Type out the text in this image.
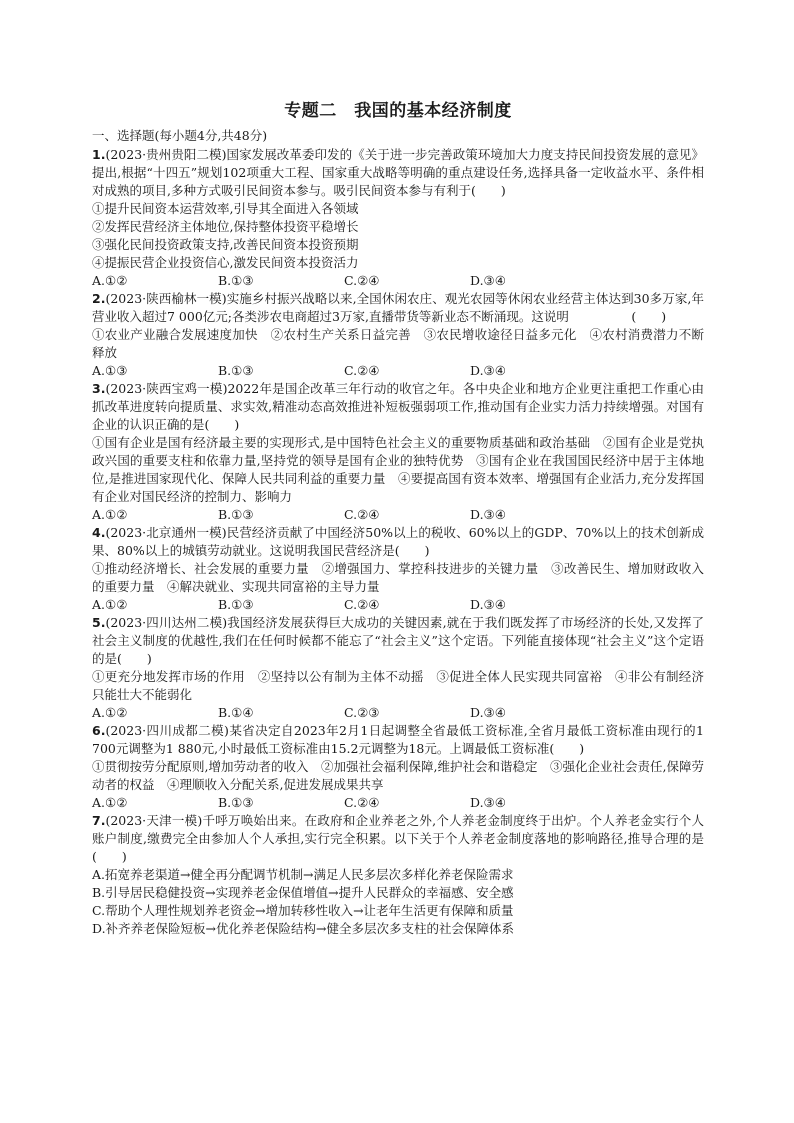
专题二　我国的基本经济制度
一、选择题(每小题4分,共48分)
1.(2023·贵州贵阳二模)国家发展改革委印发的《关于进一步完善政策环境加大力度支持民间投资发展的意见》提出,根据“十四五”规划102项重大工程、国家重大战略等明确的重点建设任务,选择具备一定收益水平、条件相对成熟的项目,多种方式吸引民间资本参与。吸引民间资本参与有利于(　　)
①提升民间资本运营效率,引导其全面进入各领域
②发挥民营经济主体地位,保持整体投资平稳增长
③强化民间投资政策支持,改善民间资本投资预期
④提振民营企业投资信心,激发民间资本投资活力
A.①②	B.①③	C.②④	D.③④
2.(2023·陕西榆林一模)实施乡村振兴战略以来,全国休闲农庄、观光农园等休闲农业经营主体达到30多万家,年营业收入超过7 000亿元;各类涉农电商超过3万家,直播带货等新业态不断涌现。这说明　　　　　(　　)
①农业产业融合发展速度加快　②农村生产关系日益完善　③农民增收途径日益多元化　④农村消费潜力不断释放
A.①③	B.①③	C.②④	D.③④
3.(2023·陕西宝鸡一模)2022年是国企改革三年行动的收官之年。各中央企业和地方企业更注重把工作重心由抓改革进度转向提质量、求实效,精准动态高效推进补短板强弱项工作,推动国有企业实力活力持续增强。对国有企业的认识正确的是(　　)
①国有企业是国有经济最主要的实现形式,是中国特色社会主义的重要物质基础和政治基础　②国有企业是党执政兴国的重要支柱和依靠力量,坚持党的领导是国有企业的独特优势　③国有企业在我国国民经济中居于主体地位,是推进国家现代化、保障人民共同利益的重要力量　④要提高国有资本效率、增强国有企业活力,充分发挥国有企业对国民经济的控制力、影响力
A.①②	B.①③	C.②④	D.③④
4.(2023·北京通州一模)民营经济贡献了中国经济50%以上的税收、60%以上的GDP、70%以上的技术创新成果、80%以上的城镇劳动就业。这说明我国民营经济是(　　)
①推动经济增长、社会发展的重要力量　②增强国力、掌控科技进步的关键力量　③改善民生、增加财政收入的重要力量　④解决就业、实现共同富裕的主导力量
A.①②	B.①③	C.②④	D.③④
5.(2023·四川达州二模)我国经济发展获得巨大成功的关键因素,就在于我们既发挥了市场经济的长处,又发挥了社会主义制度的优越性,我们在任何时候都不能忘了“社会主义”这个定语。下列能直接体现“社会主义”这个定语的是(　　)
①更充分地发挥市场的作用　②坚持以公有制为主体不动摇　③促进全体人民实现共同富裕　④非公有制经济只能壮大不能弱化
A.①②	B.①④	C.②③	D.③④
6.(2023·四川成都二模)某省决定自2023年2月1日起调整全省最低工资标准,全省月最低工资标准由现行的1 700元调整为1 880元,小时最低工资标准由15.2元调整为18元。上调最低工资标准(　　)
①贯彻按劳分配原则,增加劳动者的收入　②加强社会福利保障,维护社会和谐稳定　③强化企业社会责任,保障劳动者的权益　④理顺收入分配关系,促进发展成果共享
A.①②	B.①③	C.②④	D.③④
7.(2023·天津一模)千呼万唤始出来。在政府和企业养老之外,个人养老金制度终于出炉。个人养老金实行个人账户制度,缴费完全由参加人个人承担,实行完全积累。以下关于个人养老金制度落地的影响路径,推导合理的是(　　)
A.拓宽养老渠道→健全再分配调节机制→满足人民多层次多样化养老保险需求
B.引导居民稳健投资→实现养老金保值增值→提升人民群众的幸福感、安全感
C.帮助个人理性规划养老资金→增加转移性收入→让老年生活更有保障和质量
D.补齐养老保险短板→优化养老保险结构→健全多层次多支柱的社会保障体系
